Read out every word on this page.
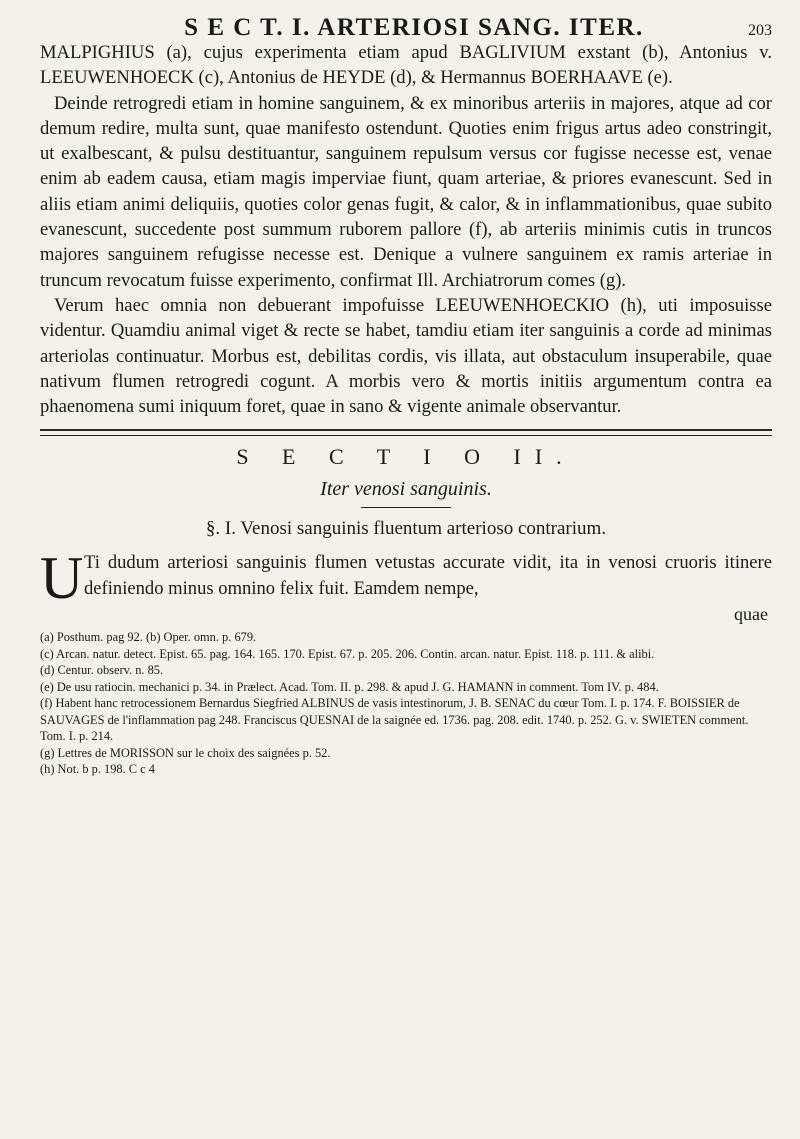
S E C T. I. ARTERIOSI SANG. ITER.	203

MALPIGHIUS (a), cujus experimenta etiam apud BAGLIVIUM exstant (b), Antonius v. LEEUWENHOECK (c), Antonius de HEYDE (d), & Hermannus BOERHAAVE (e).

Deinde retrogredi etiam in homine sanguinem, & ex minoribus arteriis in majores, atque ad cor demum redire, multa sunt, quae manifesto ostendunt. Quoties enim frigus artus adeo constringit, ut exalbescant, & pulsu destituantur, sanguinem repulsum versus cor fugisse necesse est, venae enim ab eadem causa, etiam magis imperviae fiunt, quam arteriae, & priores evanescunt. Sed in aliis etiam animi deliquiis, quoties color genas fugit, & calor, & in inflammationibus, quae subito evanescunt, succedente post summum ruborem pallore (f), ab arteriis minimis cutis in truncos majores sanguinem refugisse necesse est. Denique a vulnere sanguinem ex ramis arteriae in truncum revocatum fuisse experimento, confirmat Ill. Archiatrorum comes (g).

Verum haec omnia non debuerant impofuisse LEEUWENHOECKIO (h), uti imposuisse videntur. Quamdiu animal viget & recte se habet, tamdiu etiam iter sanguinis a corde ad minimas arteriolas continuatur. Morbus est, debilitas cordis, vis illata, aut obstaculum insuperabile, quae nativum flumen retrogredi cogunt. A morbis vero & mortis initiis argumentum contra ea phaenomena sumi iniquum foret, quae in sano & vigente animale observantur.

S E C T I O II.
Iter venosi sanguinis.
§. I. Venosi sanguinis fluentum arterioso contrarium.
U Ti dudum arteriosi sanguinis flumen vetustas accurate vidit, ita in venosi cruoris itinere definiendo minus omnino felix fuit. Eamdem nempe,

quae

(a) Posthum. pag 92. (b) Oper. omn. p. 679.

(c) Arcan. natur. detect. Epist. 65. pag. 164. 165. 170. Epist. 67. p. 205. 206. Contin. arcan. natur. Epist. 118. p. 111. & alibi.

(d) Centur. observ. n. 85.

(e) De usu ratiocin. mechanici p. 34. in Prælect. Acad. Tom. II. p. 298. & apud J. G. HAMANN in comment. Tom IV. p. 484.

(f) Habent hanc retrocessionem Bernardus Siegfried ALBINUS de vasis intestinorum, J. B. SENAC du cœur Tom. I. p. 174. F. BOISSIER de SAUVAGES de l'inflammation pag 248. Franciscus QUESNAI de la saignée ed. 1736. pag. 208. edit. 1740. p. 252. G. v. SWIETEN comment. Tom. I. p. 214.

(g) Lettres de MORISSON sur le choix des saignées p. 52.

(h) Not. b p. 198. C c 4
